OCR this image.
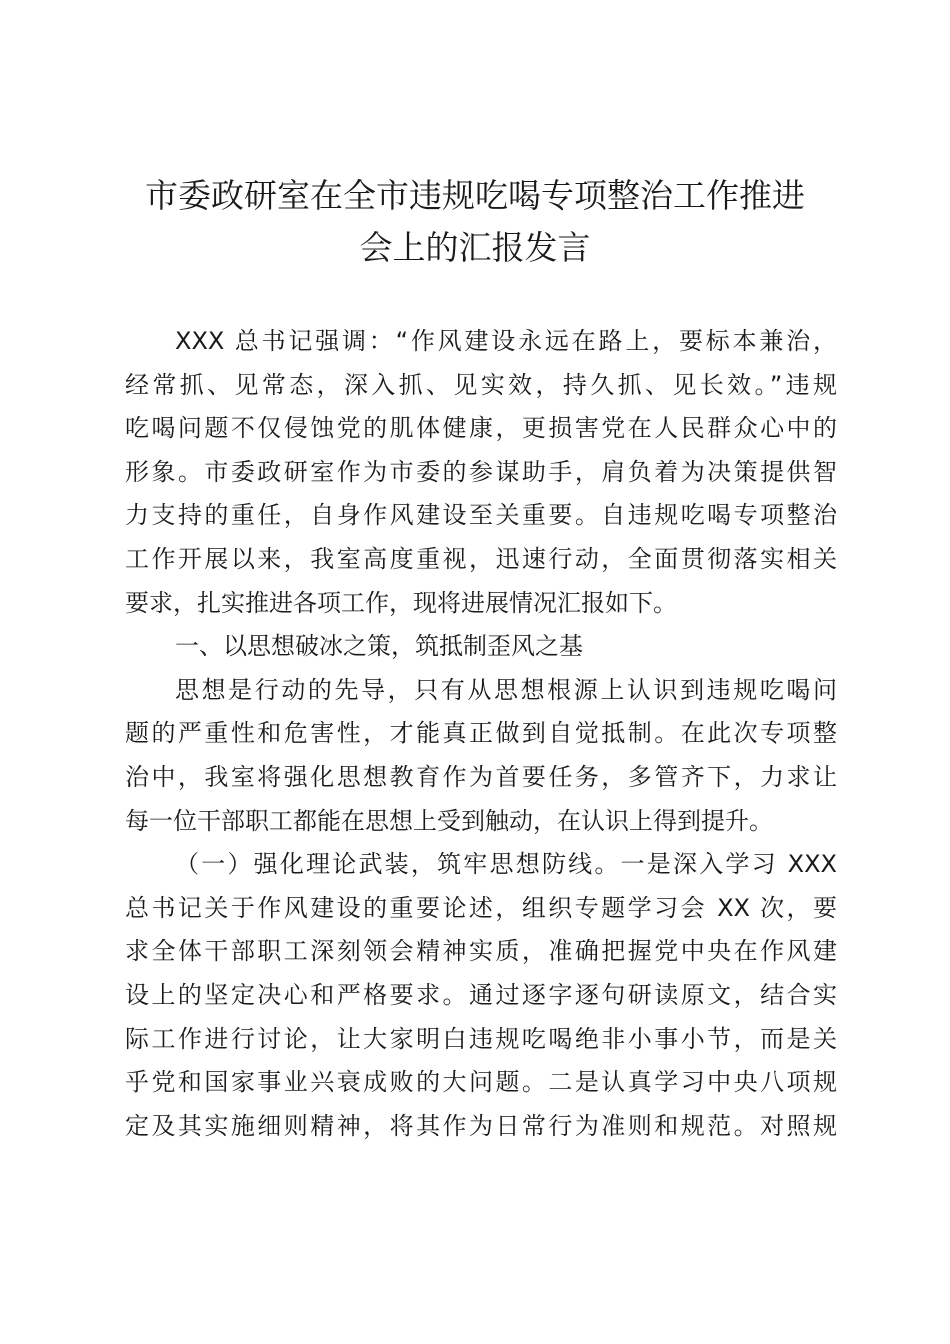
市委政研室在全市违规吃喝专项整治工作推进
会上的汇报发言
XXX 总书记强调：“作风建设永远在路上，要标本兼治，
经常抓、见常态，深入抓、见实效，持久抓、见长效。”违规
吃喝问题不仅侵蚀党的肌体健康，更损害党在人民群众心中的
形象。市委政研室作为市委的参谋助手，肩负着为决策提供智
力支持的重任，自身作风建设至关重要。自违规吃喝专项整治
工作开展以来，我室高度重视，迅速行动，全面贯彻落实相关
要求，扎实推进各项工作，现将进展情况汇报如下。
一、以思想破冰之策，筑抵制歪风之基
思想是行动的先导，只有从思想根源上认识到违规吃喝问
题的严重性和危害性，才能真正做到自觉抵制。在此次专项整
治中，我室将强化思想教育作为首要任务，多管齐下，力求让
每一位干部职工都能在思想上受到触动，在认识上得到提升。
（一）强化理论武装，筑牢思想防线。一是深入学习 XXX
总书记关于作风建设的重要论述，组织专题学习会 XX 次，要
求全体干部职工深刻领会精神实质，准确把握党中央在作风建
设上的坚定决心和严格要求。通过逐字逐句研读原文，结合实
际工作进行讨论，让大家明白违规吃喝绝非小事小节，而是关
乎党和国家事业兴衰成败的大问题。二是认真学习中央八项规
定及其实施细则精神，将其作为日常行为准则和规范。对照规
